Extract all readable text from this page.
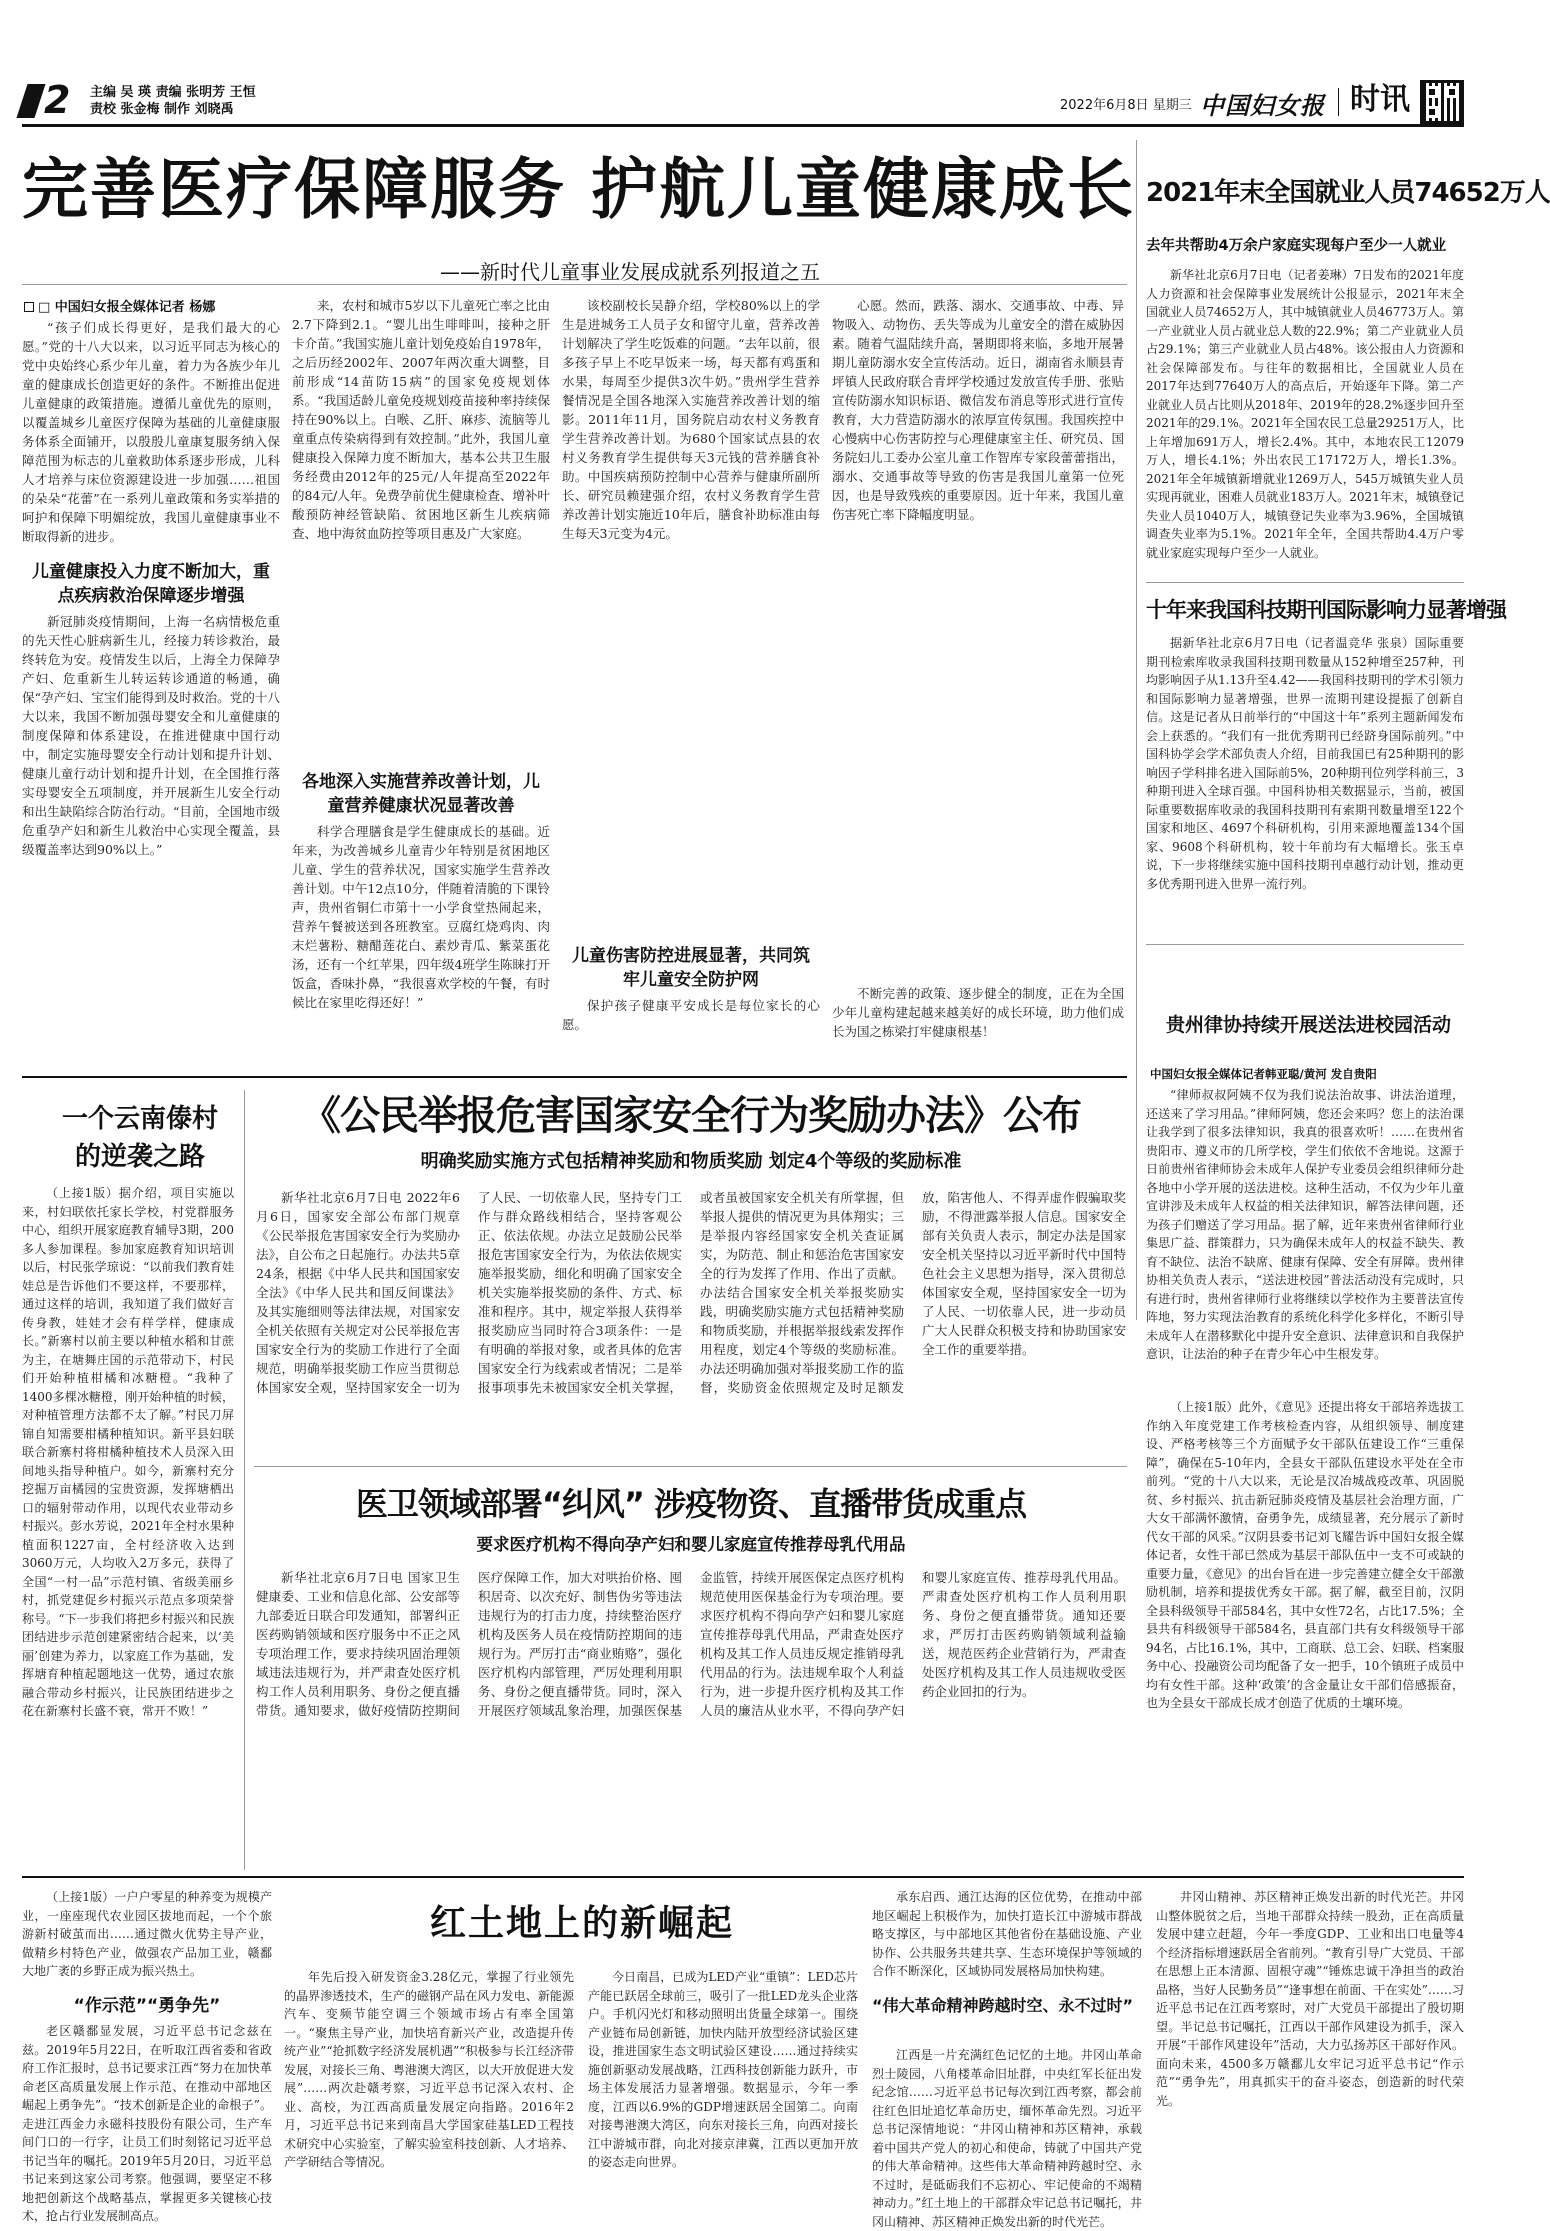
2 主编 吴 瑛 责编 张明芳 王恒
责校 张金梅 制作 刘晓禹	2022年6月8日 星期三 中国妇女报 时讯
完善医疗保障服务 护航儿童健康成长
——新时代儿童事业发展成就系列报道之五
□ 中国妇女报全媒体记者 杨娜

“孩子们成长得更好，是我们最大的心愿。”党的十八大以来，以习近平同志为核心的党中央始终心系少年儿童，着力为各族少年儿童的健康成长创造更好的条件。不断推出促进儿童健康的政策措施。遵循儿童优先的原则，以覆盖城乡儿童医疗保障为基础的儿童健康服务体系全面铺开，以殷殷儿童康复服务纳入保障范围为标志的儿童救助体系逐步形成，儿科人才培养与床位资源建设进一步加强……祖国的朵朵“花蕾”在一系列儿童政策和务实举措的呵护和保障下明媚绽放，我国儿童健康事业不断取得新的进步。

儿童健康投入力度不断加大，重点疾病救治保障逐步增强

新冠肺炎疫情期间，上海一名病情极危重的先天性心脏病新生儿，经接力转诊救治，最终转危为安。疫情发生以后，上海全力保障孕产妇、危重新生儿转运转诊通道的畅通，确保“孕产妇、宝宝们能得到及时救治。党的十八大以来，我国不断加强母婴安全和儿童健康的制度保障和体系建设，在推进健康中国行动中，制定实施母婴安全行动计划和提升计划、健康儿童行动计划和提升计划，在全国推行落实母婴安全五项制度，并开展新生儿安全行动和出生缺陷综合防治行动。“目前，全国地市级危重孕产妇和新生儿救治中心实现全覆盖，县级覆盖率达到90%以上。”

来，农村和城市5岁以下儿童死亡率之比由2.7下降到2.1。“婴儿出生啡啡叫，接种之肝卡介苗。”我国实施儿童计划免疫始自1978年，之后历经2002年、2007年两次重大调整，目前形成“14苗防15病”的国家免疫规划体系。“我国适龄儿童免疫规划疫苗接种率持续保持在90%以上。白喉、乙肝、麻疹、流脑等儿童重点传染病得到有效控制。”此外，我国儿童健康投入保障力度不断加大，基本公共卫生服务经费由2012年的25元/人年提高至2022年的84元/人年。免费孕前优生健康检查、增补叶酸预防神经管缺陷、贫困地区新生儿疾病筛查、地中海贫血防控等项目惠及广大家庭。

各地深入实施营养改善计划，儿童营养健康状况显著改善

科学合理膳食是学生健康成长的基础。近年来，为改善城乡儿童青少年特别是贫困地区儿童、学生的营养状况，国家实施学生营养改善计划。中午12点10分，伴随着清脆的下课铃声，贵州省铜仁市第十一小学食堂热闹起来，营养午餐被送到各班教室。豆腐红烧鸡肉、肉末烂薯粉、糖醋莲花白、素炒青瓜、紫菜蛋花汤，还有一个红苹果，四年级4班学生陈睐打开饭盒，香味扑鼻，“我很喜欢学校的午餐，有时候比在家里吃得还好！”

该校副校长吴静介绍，学校80%以上的学生是进城务工人员子女和留守儿童，营养改善计划解决了学生吃饭难的问题。“去年以前，很多孩子早上不吃早饭来一场，每天都有鸡蛋和水果，每周至少提供3次牛奶。”贵州学生营养餐情况是全国各地深入实施营养改善计划的缩影。2011年11月，国务院启动农村义务教育学生营养改善计划。为680个国家试点县的农村义务教育学生提供每天3元钱的营养膳食补助。中国疾病预防控制中心营养与健康所副所长、研究员赖建强介绍，农村义务教育学生营养改善计划实施近10年后，膳食补助标准由每生每天3元变为4元。

儿童伤害防控进展显著，共同筑牢儿童安全防护网

保护孩子健康平安成长是每位家长的心愿。

心愿。然而，跌落、溺水、交通事故、中毒、异物吸入、动物伤、丢失等成为儿童安全的潜在威胁因素。随着气温陆续升高，暑期即将来临，多地开展暑期儿童防溺水安全宣传活动。近日，湖南省永顺县青坪镇人民政府联合青坪学校通过发放宣传手册、张贴宣传防溺水知识标语、微信发布消息等形式进行宣传教育，大力营造防溺水的浓厚宣传氛围。我国疾控中心慢病中心伤害防控与心理健康室主任、研究员、国务院妇儿工委办公室儿童工作智库专家段蕾蕾指出，溺水、交通事故等导致的伤害是我国儿童第一位死因，也是导致残疾的重要原因。近十年来，我国儿童伤害死亡率下降幅度明显。

不断完善的政策、逐步健全的制度，正在为全国少年儿童构建起越来越美好的成长环境，助力他们成长为国之栋梁打牢健康根基！

2021年末全国就业人员74652万人
去年共帮助4万余户家庭实现每户至少一人就业

新华社北京6月7日电（记者姜琳）7日发布的2021年度人力资源和社会保障事业发展统计公报显示，2021年末全国就业人员74652万人，其中城镇就业人员46773万人。第一产业就业人员占就业总人数的22.9%；第二产业就业人员占29.1%；第三产业就业人员占48%。该公报由人力资源和社会保障部发布。与往年的数据相比，全国就业人员在2017年达到77640万人的高点后，开始逐年下降。第二产业就业人员占比则从2018年、2019年的28.2%逐步回升至2021年的29.1%。2021年全国农民工总量29251万人，比上年增加691万人，增长2.4%。其中，本地农民工12079万人，增长4.1%；外出农民工17172万人，增长1.3%。2021年全年城镇新增就业1269万人，545万城镇失业人员实现再就业，困难人员就业183万人。2021年末，城镇登记失业人员1040万人，城镇登记失业率为3.96%，全国城镇调查失业率为5.1%。2021年全年，全国共帮助4.4万户零就业家庭实现每户至少一人就业。

十年来我国科技期刊国际影响力显著增强

据新华社北京6月7日电（记者温竞华 张泉）国际重要期刊检索库收录我国科技期刊数量从152种增至257种，刊均影响因子从1.13升至4.42——我国科技期刊的学术引领力和国际影响力显著增强，世界一流期刊建设提振了创新自信。这是记者从日前举行的“中国这十年”系列主题新闻发布会上获悉的。“我们有一批优秀期刊已经跻身国际前列。”中国科协学会学术部负责人介绍，目前我国已有25种期刊的影响因子学科排名进入国际前5%，20种期刊位列学科前三，3种期刊进入全球百强。中国科协相关数据显示，当前，被国际重要数据库收录的我国科技期刊有索期刊数量增至122个国家和地区、4697个科研机构，引用来源地覆盖134个国家、9608个科研机构，较十年前均有大幅增长。张玉卓说，下一步将继续实施中国科技期刊卓越行动计划，推动更多优秀期刊进入世界一流行列。

贵州律协持续开展送法进校园活动
中国妇女报全媒体记者韩亚聪/黄河 发自贵阳

“律师叔叔阿姨不仅为我们说法治故事、讲法治道理，还送来了学习用品。”律师阿姨，您还会来吗？您上的法治课让我学到了很多法律知识，我真的很喜欢听！……在贵州省贵阳市、遵义市的几所学校，学生们依依不舍地说。这源于日前贵州省律师协会未成年人保护专业委员会组织律师分赴各地中小学开展的送法进校。这种生活动，不仅为少年儿童宣讲涉及未成年人权益的相关法律知识，解答法律问题，还为孩子们赠送了学习用品。据了解，近年来贵州省律师行业集思广益、群策群力，只为确保未成年人的权益不缺失、教育不缺位、法治不缺席、健康有保障、安全有屏障。贵州律协相关负责人表示，“送法进校园”普法活动没有完成时，只有进行时，贵州省律师行业将继续以学校作为主要普法宣传阵地，努力实现法治教育的系统化科学化多样化，不断引导未成年人在潜移默化中提升安全意识、法律意识和自我保护意识，让法治的种子在青少年心中生根发芽。

（上接1版）此外，《意见》还提出将女干部培养选拔工作纳入年度党建工作考核检查内容，从组织领导、制度建设、严格考核等三个方面赋予女干部队伍建设工作“三重保障”，确保在5-10年内，全县女干部队伍建设水平处在全市前列。“党的十八大以来，无论是汉冶城战疫改革、巩固脱贫、乡村振兴、抗击新冠肺炎疫情及基层社会治理方面，广大女干部满怀激情，奋勇争先，成绩显著，充分展示了新时代女干部的风采。”汉阴县委书记刘飞耀告诉中国妇女报全媒体记者，女性干部已然成为基层干部队伍中一支不可或缺的重要力量，《意见》的出台旨在进一步完善建立健全女干部激励机制，培养和提拔优秀女干部。据了解，截至目前，汉阴全县科级领导干部584名，其中女性72名，占比17.5%；全县共有科级领导干部584名，县直部门共有女科级领导干部94名，占比16.1%，其中，工商联、总工会、妇联、档案服务中心、投融资公司均配备了女一把手，10个镇班子成员中均有女性干部。这种‘政策’的含金量让女干部们倍感振奋，也为全县女干部成长成才创造了优质的土壤环境。

一个云南傣村
的逆袭之路

（上接1版）据介绍，项目实施以来，村妇联依托家长学校，村党群服务中心，组织开展家庭教育辅导3期，200多人参加课程。参加家庭教育知识培训以后，村民张学琼说：“以前我们教育娃娃总是告诉他们不要这样，不要那样，通过这样的培训，我知道了我们做好言传身教，娃娃才会有样学样，健康成长。”新寨村以前主要以种植水稻和甘蔗为主，在塘舞庄国的示范带动下，村民们开始种植柑橘和冰糖橙。“我种了1400多棵冰糖橙，刚开始种植的时候，对种植管理方法都不太了解。”村民刀屏锦自知需要柑橘种植知识。新平县妇联联合新寨村将柑橘种植技术人员深入田间地头指导种植户。如今，新寨村充分挖掘万亩橘园的宝贵资源，发挥塘栖出口的辐射带动作用，以现代农业带动乡村振兴。彭水芳说，2021年全村水果种植面积1227亩，全村经济收入达到3060万元，人均收入2万多元，获得了全国“一村一品”示范村镇、省级美丽乡村，抓党建促乡村振兴示范点多项荣誉称号。“下一步我们将把乡村振兴和民族团结进步示范创建紧密结合起来，以‘美丽’创建为养力，以家庭工作为基础，发挥塘育种植起题地这一优势，通过农旅融合带动乡村振兴，让民族团结进步之花在新寨村长盛不衰，常开不败！”

《公民举报危害国家安全行为奖励办法》公布
明确奖励实施方式包括精神奖励和物质奖励 划定4个等级的奖励标准

新华社北京6月7日电 2022年6月6日，国家安全部公布部门规章《公民举报危害国家安全行为奖励办法》，自公布之日起施行。办法共5章24条，根据《中华人民共和国国家安全法》《中华人民共和国反间谍法》及其实施细则等法律法规，对国家安全机关依照有关规定对公民举报危害国家安全行为的奖励工作进行了全面规范，明确举报奖励工作应当贯彻总体国家安全观，坚持国家安全一切为了人民、一切依靠人民，坚持专门工作与群众路线相结合，坚持客观公正、依法依规。办法立足鼓励公民举报危害国家安全行为，为依法依规实施举报奖励，细化和明确了国家安全机关实施举报奖励的条件、方式、标准和程序。其中，规定举报人获得举报奖励应当同时符合3项条件：一是有明确的举报对象，或者具体的危害国家安全行为线索或者情况；二是举报事项事先未被国家安全机关掌握，或者虽被国家安全机关有所掌握，但举报人提供的情况更为具体翔实；三是举报内容经国家安全机关查证属实，为防范、制止和惩治危害国家安全的行为发挥了作用、作出了贡献。办法结合国家安全机关举报奖励实践，明确奖励实施方式包括精神奖励和物质奖励，并根据举报线索发挥作用程度，划定4个等级的奖励标准。办法还明确加强对举报奖励工作的监督，奖励资金依照规定及时足额发放，陷害他人、不得弄虚作假骗取奖励，不得泄露举报人信息。国家安全部有关负责人表示，制定办法是国家安全机关坚持以习近平新时代中国特色社会主义思想为指导，深入贯彻总体国家安全观，坚持国家安全一切为了人民、一切依靠人民，进一步动员广大人民群众积极支持和协助国家安全工作的重要举措。

医卫领域部署“纠风” 涉疫物资、直播带货成重点
要求医疗机构不得向孕产妇和婴儿家庭宣传推荐母乳代用品

新华社北京6月7日电 国家卫生健康委、工业和信息化部、公安部等九部委近日联合印发通知，部署纠正医药购销领域和医疗服务中不正之风专项治理工作，要求持续巩固治理领域违法违规行为，并严肃查处医疗机构工作人员利用职务、身份之便直播带货。通知要求，做好疫情防控期间医疗保障工作，加大对哄抬价格、囤积居奇、以次充好、制售伪劣等违法违规行为的打击力度，持续整治医疗机构及医务人员在疫情防控期间的违规行为。严厉打击“商业贿赂”，强化医疗机构内部管理，严厉处理利用职务、身份之便直播带货。同时，深入开展医疗领域乱象治理，加强医保基金监管，持续开展医保定点医疗机构规范使用医保基金行为专项治理。要求医疗机构不得向孕产妇和婴儿家庭宣传推荐母乳代用品，严肃查处医疗机构及其工作人员违反规定推销母乳代用品的行为。法违规牟取个人利益行为，进一步提升医疗机构及其工作人员的廉洁从业水平，不得向孕产妇和婴儿家庭宣传、推荐母乳代用品。严肃查处医疗机构工作人员利用职务、身份之便直播带货。通知还要求，严厉打击医药购销领域利益输送，规范医药企业营销行为，严肃查处医疗机构及其工作人员违规收受医药企业回扣的行为。

（上接1版）一户户零星的种养变为规模产业，一座座现代农业园区拔地而起，一个个旅游新村破茧而出……通过微火优势主导产业，做精乡村特色产业，做强农产品加工业，赣鄱大地广袤的乡野正成为振兴热土。

“作示范”“勇争先”

老区赣鄱显发展，习近平总书记念兹在兹。2019年5月22日，在听取江西省委和省政府工作汇报时，总书记要求江西“努力在加快革命老区高质量发展上作示范、在推动中部地区崛起上勇争先”。“技术创新是企业的命根子”。走进江西金力永磁科技股份有限公司，生产车间门口的一行字，让员工们时刻铭记习近平总书记当年的嘱托。2019年5月20日，习近平总书记来到这家公司考察。他强调，要坚定不移地把创新这个战略基点，掌握更多关键核心技术，抢占行业发展制高点。

红土地上的新崛起

年先后投入研发资金3.28亿元，掌握了行业领先的晶界渗透技术，生产的磁钢产品在风力发电、新能源汽车、变频节能空调三个领域市场占有率全国第一。“聚焦主导产业，加快培育新兴产业，改造提升传统产业”“抢抓数字经济发展机遇”“积极参与长江经济带发展，对接长三角、粤港澳大湾区，以大开放促进大发展”……两次赴赣考察，习近平总书记深入农村、企业、高校，为江西高质量发展定向指路。2016年2月，习近平总书记来到南昌大学国家硅基LED工程技术研究中心实验室，了解实验室科技创新、人才培养、产学研结合等情况。

今日南昌，已成为LED产业“重镇”：LED芯片产能已跃居全球前三，吸引了一批LED龙头企业落户。手机闪光灯和移动照明出货量全球第一。围绕产业链布局创新链，加快内陆开放型经济试验区建设，推进国家生态文明试验区建设……通过持续实施创新驱动发展战略，江西科技创新能力跃升，市场主体发展活力显著增强。数据显示，今年一季度，江西以6.9%的GDP增速跃居全国第二。向南对接粤港澳大湾区，向东对接长三角，向西对接长江中游城市群，向北对接京津冀，江西以更加开放的姿态走向世界。

承东启西、通江达海的区位优势，在推动中部地区崛起上积极作为，加快打造长江中游城市群战略支撑区，与中部地区其他省份在基础设施、产业协作、公共服务共建共享、生态环境保护等领域的合作不断深化，区域协同发展格局加快构建。

“伟大革命精神跨越时空、永不过时”

江西是一片充满红色记忆的土地。井冈山革命烈士陵园，八角楼革命旧址群，中央红军长征出发纪念馆……习近平总书记每次到江西考察，都会前往红色旧址追忆革命历史，缅怀革命先烈。习近平总书记深情地说：“井冈山精神和苏区精神，承载着中国共产党人的初心和使命，铸就了中国共产党的伟大革命精神。这些伟大革命精神跨越时空、永不过时，是砥砺我们不忘初心、牢记使命的不竭精神动力。”红土地上的干部群众牢记总书记嘱托，井冈山精神、苏区精神正焕发出新的时代光芒。

井冈山精神、苏区精神正焕发出新的时代光芒。井冈山整体脱贫之后，当地干部群众持续一股劲，正在高质量发展中建立赶超，今年一季度GDP、工业和出口电量等4个经济指标增速跃居全省前列。“教育引导广大党员、干部在思想上正本清源、固根守魂”“锤炼忠诚干净担当的政治品格，当好人民勤务员”“逢事想在前面、干在实处”……习近平总书记在江西考察时，对广大党员干部提出了殷切期望。半记总书记嘱托，江西以干部作风建设为抓手，深入开展“干部作风建设年”活动，大力弘扬苏区干部好作风。面向未来，4500多万赣鄱儿女牢记习近平总书记“作示范”“勇争先”，用真抓实干的奋斗姿态，创造新的时代荣光。
